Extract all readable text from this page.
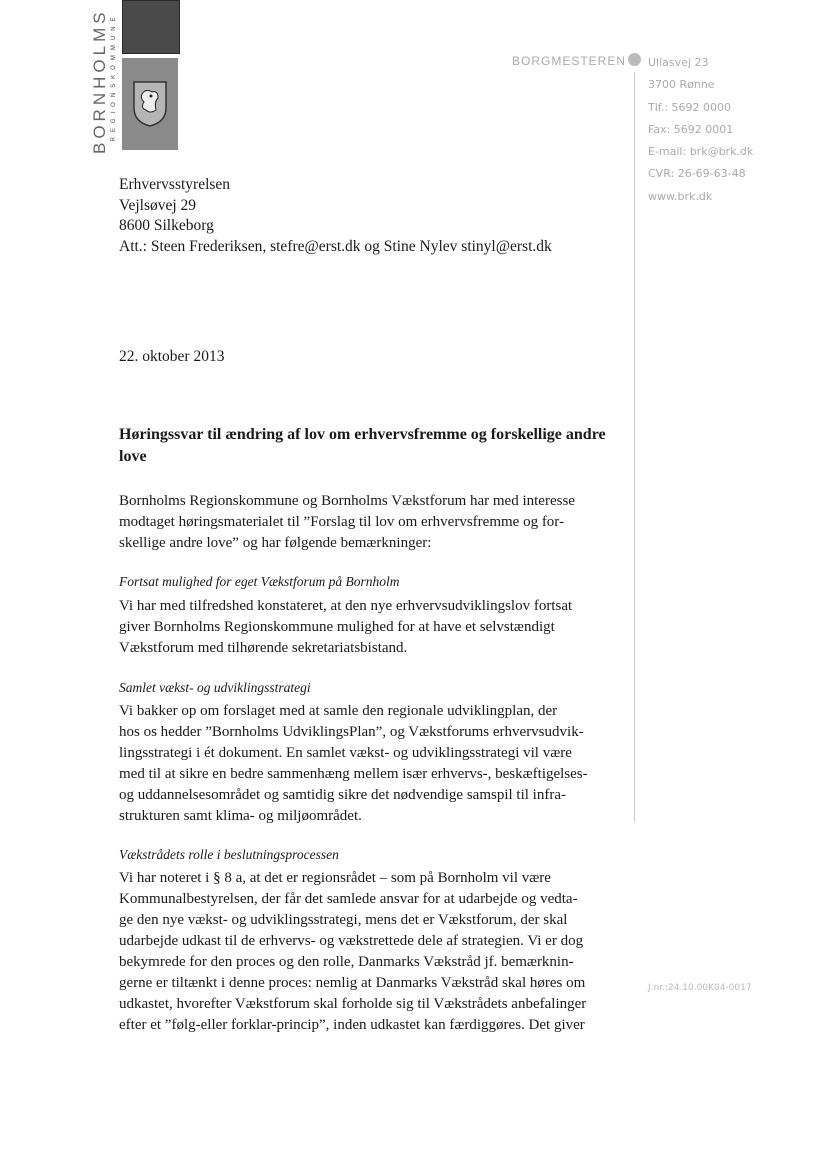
BORNHOLMS REGIONSKOMMUNE	BORGMESTEREN Ullasvej 23
3700 Rønne
Tlf.: 5692 0000
Fax: 5692 0001
E-mail: brk@brk.dk
CVR: 26-69-63-48
www.brk.dk
J.nr.:24.10.00K04-0017
Erhvervsstyrelsen
Vejlsøvej 29
8600 Silkeborg
Att.: Steen Frederiksen, stefre@erst.dk og Stine Nylev stinyl@erst.dk
22. oktober 2013
Høringssvar til ændring af lov om erhvervsfremme og forskellige andre love
Bornholms Regionskommune og Bornholms Vækstforum har med interesse
modtaget høringsmaterialet til ”Forslag til lov om erhvervsfremme og for-
skellige andre love” og har følgende bemærkninger:
Fortsat mulighed for eget Vækstforum på Bornholm
Vi har med tilfredshed konstateret, at den nye erhvervsudviklingslov fortsat
giver Bornholms Regionskommune mulighed for at have et selvstændigt
Vækstforum med tilhørende sekretariatsbistand.
Samlet vækst- og udviklingsstrategi
Vi bakker op om forslaget med at samle den regionale udviklingplan, der
hos os hedder ”Bornholms UdviklingsPlan”, og Vækstforums erhvervsudvik-
lingsstrategi i ét dokument. En samlet vækst- og udviklingsstrategi vil være
med til at sikre en bedre sammenhæng mellem især erhvervs-, beskæftigelses-
og uddannelsesområdet og samtidig sikre det nødvendige samspil til infra-
strukturen samt klima- og miljøområdet.
Vækstrådets rolle i beslutningsprocessen
Vi har noteret i § 8 a, at det er regionsrådet – som på Bornholm vil være
Kommunalbestyrelsen, der får det samlede ansvar for at udarbejde og vedta-
ge den nye vækst- og udviklingsstrategi, mens det er Vækstforum, der skal
udarbejde udkast til de erhvervs- og vækstrettede dele af strategien. Vi er dog
bekymrede for den proces og den rolle, Danmarks Vækstråd jf. bemærknin-
gerne er tiltænkt i denne proces: nemlig at Danmarks Vækstråd skal høres om
udkastet, hvorefter Vækstforum skal forholde sig til Vækstrådets anbefalinger
efter et ”følg-eller forklar-princip”, inden udkastet kan færdiggøres. Det giver
